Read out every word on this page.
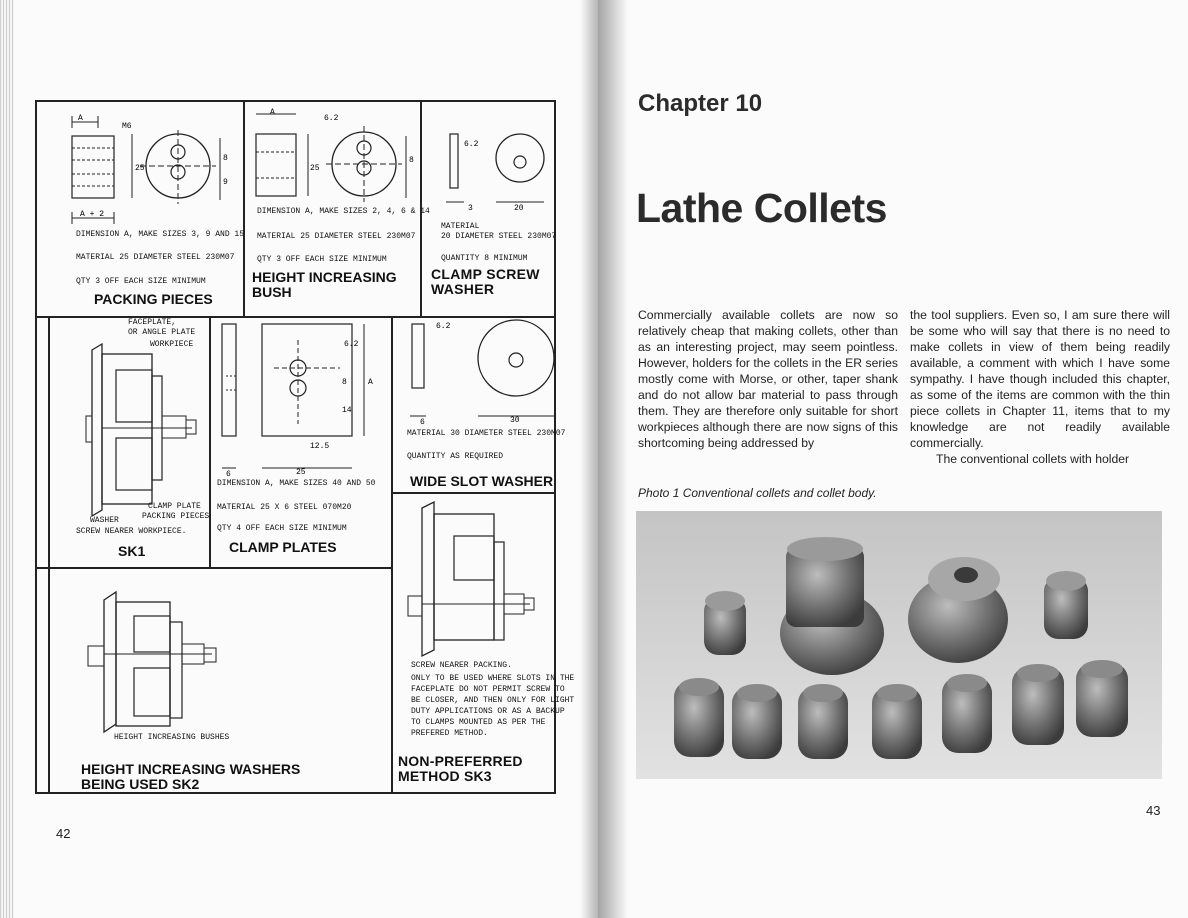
A
M6
A + 2
25
8
9
DIMENSION A, MAKE SIZES 3, 9 AND 15
MATERIAL 25 DIAMETER STEEL 230M07
QTY 3 OFF EACH SIZE MINIMUM
PACKING PIECES
A
6.2
25
8
DIMENSION A, MAKE SIZES 2, 4, 6 & 14
MATERIAL 25 DIAMETER STEEL 230M07
QTY 3 OFF EACH SIZE MINIMUM
HEIGHT INCREASING BUSH
6.2
3	20
MATERIAL
20 DIAMETER STEEL 230M07
QUANTITY 8 MINIMUM
CLAMP SCREW WASHER
FACEPLATE,
OR ANGLE PLATE
WORKPIECE
CLAMP PLATE
PACKING PIECES
WASHER
SCREW NEARER WORKPIECE.
SK1
6.2
12.5
14
8	A
6	25
DIMENSION A, MAKE SIZES 40 AND 50
MATERIAL 25 X 6 STEEL 070M20
QTY 4 OFF EACH SIZE MINIMUM
CLAMP PLATES
6.2
6	30
MATERIAL 30 DIAMETER STEEL 230M07
QUANTITY AS REQUIRED
WIDE SLOT WASHER
HEIGHT INCREASING BUSHES
HEIGHT INCREASING WASHERS BEING USED SK2
SCREW NEARER PACKING.
ONLY TO BE USED WHERE SLOTS IN THE
FACEPLATE DO NOT PERMIT SCREW TO
BE CLOSER, AND THEN ONLY FOR LIGHT
DUTY APPLICATIONS OR AS A BACKUP
TO CLAMPS MOUNTED AS PER THE
PREFERED METHOD.
NON-PREFERRED METHOD SK3
42
Chapter 10
Lathe Collets
Commercially available collets are now so relatively cheap that making collets, other than as an interesting project, may seem pointless. However, holders for the collets in the ER series mostly come with Morse, or other, taper shank and do not allow bar material to pass through them. They are therefore only suitable for short workpieces although there are now signs of this shortcoming being addressed by
the tool suppliers. Even so, I am sure there will be some who will say that there is no need to make collets in view of them being readily available, a comment with which I have some sympathy. I have though included this chapter, as some of the items are common with the thin piece collets in Chapter 11, items that to my knowledge are not readily available commercially.
The conventional collets with holder
Photo 1 Conventional collets and collet body.
43
